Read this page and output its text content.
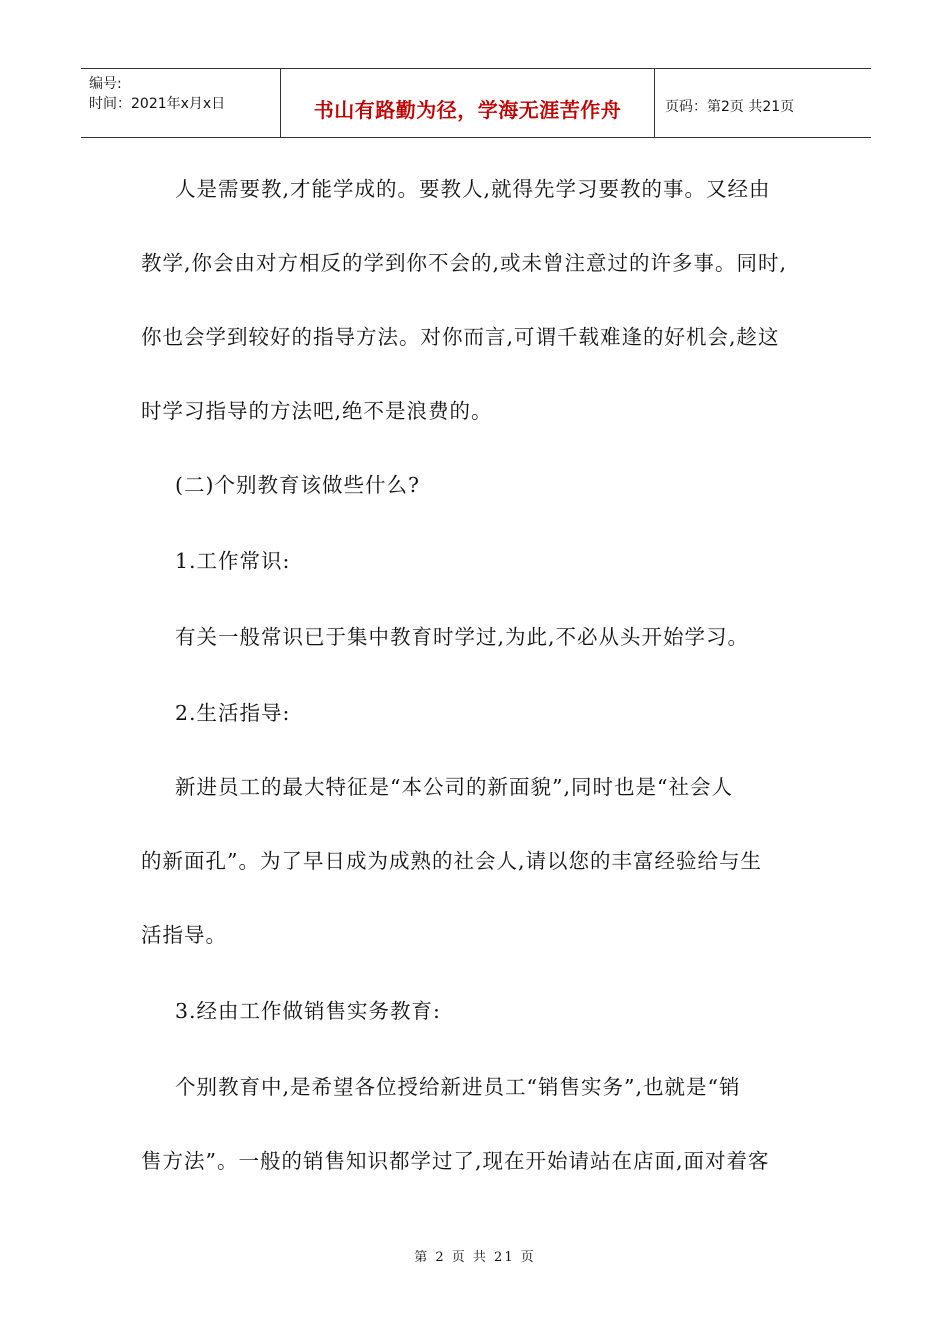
编号:
时间：2021年x月x日	书山有路勤为径，学海无涯苦作舟	页码：第2页 共21页
人是需要教,才能学成的。要教人,就得先学习要教的事。又经由
教学,你会由对方相反的学到你不会的,或未曾注意过的许多事。同时,
你也会学到较好的指导方法。对你而言,可谓千载难逢的好机会,趁这
时学习指导的方法吧,绝不是浪费的。
(二)个别教育该做些什么?
1.工作常识:
有关一般常识已于集中教育时学过,为此,不必从头开始学习。
2.生活指导:
新进员工的最大特征是“本公司的新面貌”,同时也是“社会人
的新面孔”。为了早日成为成熟的社会人,请以您的丰富经验给与生
活指导。
3.经由工作做销售实务教育:
个别教育中,是希望各位授给新进员工“销售实务”,也就是“销
售方法”。一般的销售知识都学过了,现在开始请站在店面,面对着客
第 2 页 共 21 页
